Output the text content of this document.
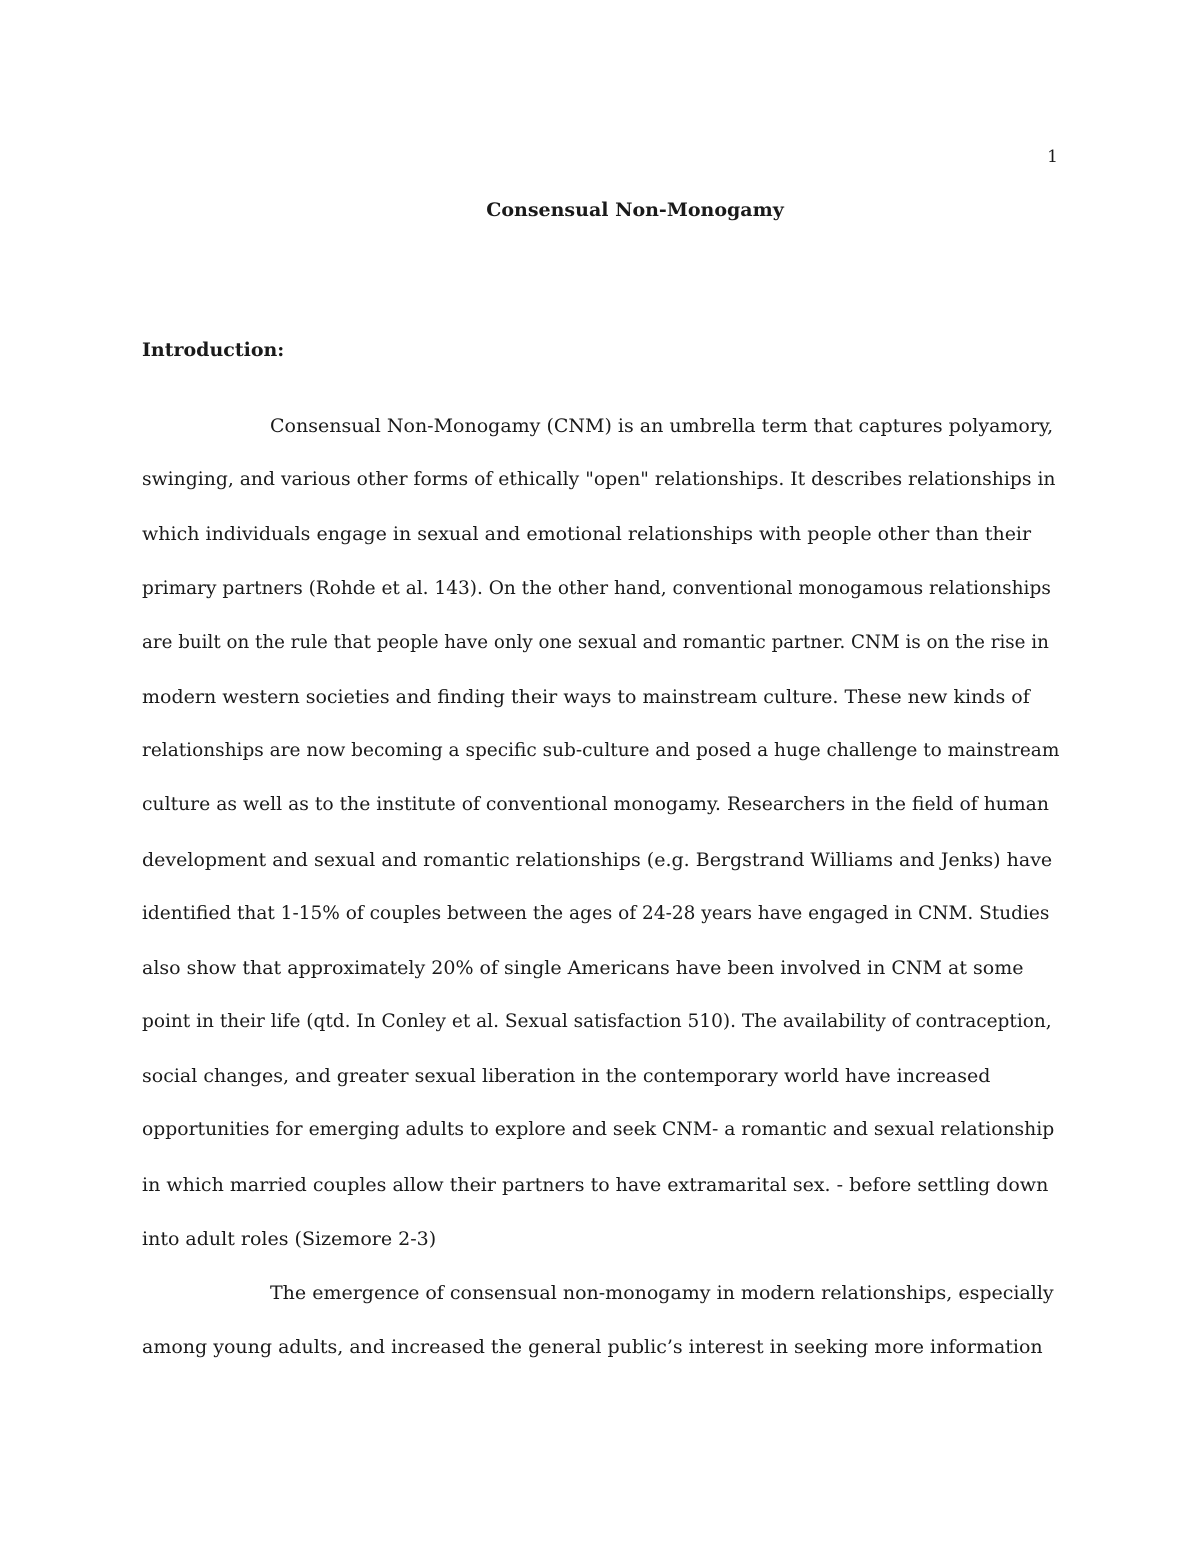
1
Consensual Non-Monogamy
Introduction:
Consensual Non-Monogamy (CNM) is an umbrella term that captures polyamory,
swinging, and various other forms of ethically "open" relationships. It describes relationships in
which individuals engage in sexual and emotional relationships with people other than their
primary partners (Rohde et al. 143). On the other hand, conventional monogamous relationships
are built on the rule that people have only one sexual and romantic partner. CNM is on the rise in
modern western societies and finding their ways to mainstream culture. These new kinds of
relationships are now becoming a specific sub-culture and posed a huge challenge to mainstream
culture as well as to the institute of conventional monogamy. Researchers in the field of human
development and sexual and romantic relationships (e.g. Bergstrand Williams and Jenks) have
identified that 1-15% of couples between the ages of 24-28 years have engaged in CNM. Studies
also show that approximately 20% of single Americans have been involved in CNM at some
point in their life (qtd. In Conley et al. Sexual satisfaction 510). The availability of contraception,
social changes, and greater sexual liberation in the contemporary world have increased
opportunities for emerging adults to explore and seek CNM- a romantic and sexual relationship
in which married couples allow their partners to have extramarital sex. - before settling down
into adult roles (Sizemore 2-3)
The emergence of consensual non-monogamy in modern relationships, especially
among young adults, and increased the general public’s interest in seeking more information
